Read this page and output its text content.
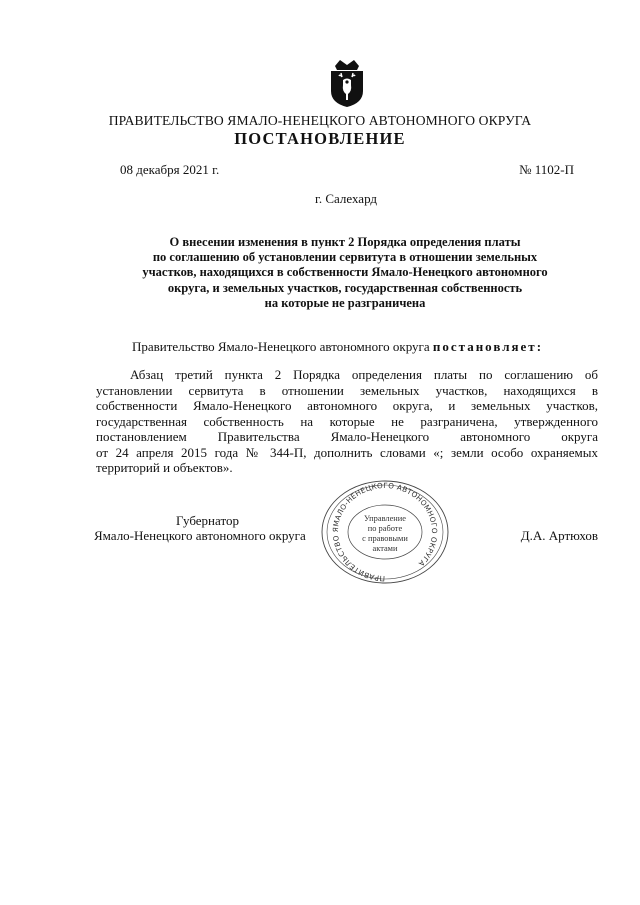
ПРАВИТЕЛЬСТВО ЯМАЛО-НЕНЕЦКОГО АВТОНОМНОГО ОКРУГА
ПОСТАНОВЛЕНИЕ
08 декабря 2021 г.	№ 1102-П
г. Салехард
О внесении изменения в пункт 2 Порядка определения платы
по соглашению об установлении сервитута в отношении земельных
участков, находящихся в собственности Ямало-Ненецкого автономного
округа, и земельных участков, государственная собственность
на которые не разграничена
Правительство Ямало-Ненецкого автономного округа постановляет:
Абзац третий пункта 2 Порядка определения платы по соглашению об
установлении сервитута в отношении земельных участков, находящихся в
собственности Ямало-Ненецкого автономного округа, и земельных участков,
государственная собственность на которые не разграничена, утвержденного
постановлением Правительства Ямало-Ненецкого автономного округа
от 24 апреля 2015 года № 344-П, дополнить словами «; земли особо охраняемых
территорий и объектов».
ПРАВИТЕЛЬСТВО ЯМАЛО-НЕНЕЦКОГО АВТОНОМНОГО ОКРУГА
Управление
по работе
с правовыми
актами
Губернатор
Ямало-Ненецкого автономного округа	Д.А. Артюхов
